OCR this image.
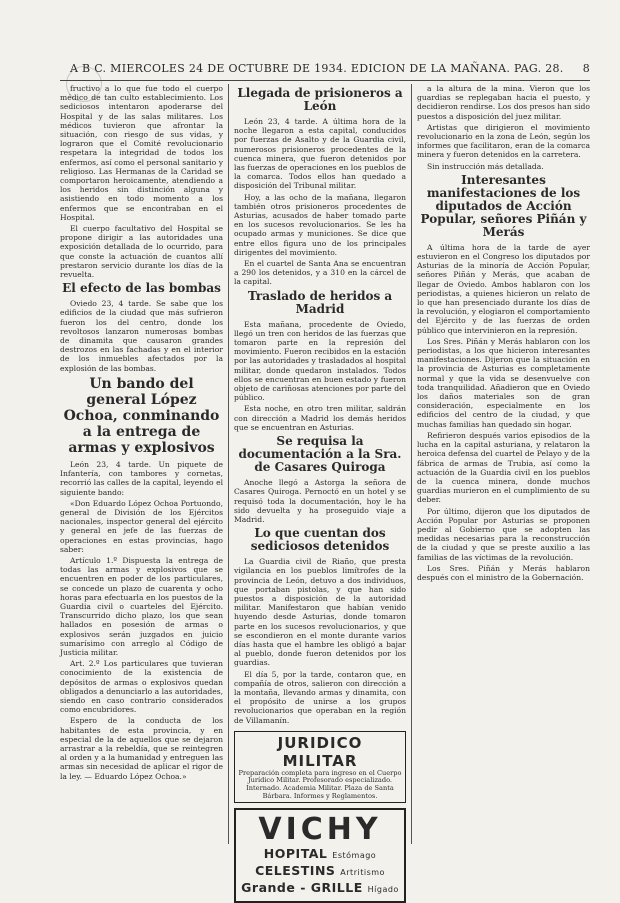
A B C. MIERCOLES 24 DE OCTUBRE DE 1934. EDICION DE LA MAÑANA. PAG. 28. 8

fructivo a lo que fue todo el cuerpo médico de tan culto establecimiento. Los sediciosos intentaron apoderarse del Hospital y de las salas militares. Los médicos tuvieron que afrontar la situación, con riesgo de sus vidas, y lograron que el Comité revolucionario respetara la integridad de todos los enfermos, así como el personal sanitario y religioso. Las Hermanas de la Caridad se comportaron heroicamente, atendiendo a los heridos sin distinción alguna y asistiendo en todo momento a los enfermos que se encontraban en el Hospital.

El cuerpo facultativo del Hospital se propone dirigir a las autoridades una exposición detallada de lo ocurrido, para que conste la actuación de cuantos allí prestaron servicio durante los días de la revuelta.

El efecto de las bombas

Oviedo 23, 4 tarde. Se sabe que los edificios de la ciudad que más sufrieron fueron los del centro, donde los revoltosos lanzaron numerosas bombas de dinamita que causaron grandes destrozos en las fachadas y en el interior de los inmuebles afectados por la explosión de las bombas.

Un bando del general López Ochoa, conminando a la entrega de armas y explosivos

León 23, 4 tarde. Un piquete de Infantería, con tambores y cornetas, recorrió las calles de la capital, leyendo el siguiente bando:

«Don Eduardo López Ochoa Portuondo, general de División de los Ejércitos nacionales, inspector general del ejército y general en jefe de las fuerzas de operaciones en estas provincias, hago saber:

Artículo 1.º Dispuesta la entrega de todas las armas y explosivos que se encuentren en poder de los particulares, se concede un plazo de cuarenta y ocho horas para efectuarla en los puestos de la Guardia civil o cuarteles del Ejército. Transcurrido dicho plazo, los que sean hallados en posesión de armas o explosivos serán juzgados en juicio sumarísimo con arreglo al Código de Justicia militar.

Art. 2.º Los particulares que tuvieran conocimiento de la existencia de depósitos de armas o explosivos quedan obligados a denunciarlo a las autoridades, siendo en caso contrario considerados como encubridores.

Espero de la conducta de los habitantes de esta provincia, y en especial de la de aquellos que se dejaron arrastrar a la rebeldía, que se reintegren al orden y a la humanidad y entreguen las armas sin necesidad de aplicar el rigor de la ley. — Eduardo López Ochoa.»

Llegada de prisioneros a León

León 23, 4 tarde. A última hora de la noche llegaron a esta capital, conducidos por fuerzas de Asalto y de la Guardia civil, numerosos prisioneros procedentes de la cuenca minera, que fueron detenidos por las fuerzas de operaciones en los pueblos de la comarca. Todos ellos han quedado a disposición del Tribunal militar.

Hoy, a las ocho de la mañana, llegaron también otros prisioneros procedentes de Asturias, acusados de haber tomado parte en los sucesos revolucionarios. Se les ha ocupado armas y municiones. Se dice que entre ellos figura uno de los principales dirigentes del movimiento.

En el cuartel de Santa Ana se encuentran a 290 los detenidos, y a 310 en la cárcel de la capital.

Traslado de heridos a Madrid

Esta mañana, procedente de Oviedo, llegó un tren con heridos de las fuerzas que tomaron parte en la represión del movimiento. Fueron recibidos en la estación por las autoridades y trasladados al hospital militar, donde quedaron instalados. Todos ellos se encuentran en buen estado y fueron objeto de cariñosas atenciones por parte del público.

Esta noche, en otro tren militar, saldrán con dirección a Madrid los demás heridos que se encuentran en Asturias.

Se requisa la documentación a la Sra. de Casares Quiroga

Anoche llegó a Astorga la señora de Casares Quiroga. Pernoctó en un hotel y se requisó toda la documentación, hoy le ha sido devuelta y ha proseguido viaje a Madrid.

Lo que cuentan dos sediciosos detenidos

La Guardia civil de Riaño, que presta vigilancia en los pueblos limítrofes de la provincia de León, detuvo a dos individuos, que portaban pistolas, y que han sido puestos a disposición de la autoridad militar. Manifestaron que habían venido huyendo desde Asturias, donde tomaron parte en los sucesos revolucionarios, y que se escondieron en el monte durante varios días hasta que el hambre les obligó a bajar al pueblo, donde fueron detenidos por los guardias.

El día 5, por la tarde, contaron que, en compañía de otros, salieron con dirección a la montaña, llevando armas y dinamita, con el propósito de unirse a los grupos revolucionarios que operaban en la región de Villamanín.

JURIDICO MILITAR
Preparación completa para ingreso en el Cuerpo Jurídico Militar. Profesorado especializado. Internado. Academia Militar. Plaza de Santa Bárbara. Informes y Reglamentos.
VICHY
HOPITAL Estómago
CELESTINS Artritismo
Grande - GRILLE Hígado

a la altura de la mina. Vieron que los guardias se replegaban hacia el puesto, y decidieron rendirse. Los dos presos han sido puestos a disposición del juez militar.

Artistas que dirigieron el movimiento revolucionario en la zona de León, según los informes que facilitaron, eran de la comarca minera y fueron detenidos en la carretera.

Sin instrucción más detallada.

Interesantes manifestaciones de los diputados de Acción Popular, señores Piñán y Merás

A última hora de la tarde de ayer estuvieron en el Congreso los diputados por Asturias de la minoría de Acción Popular, señores Piñán y Merás, que acaban de llegar de Oviedo. Ambos hablaron con los periodistas, a quienes hicieron un relato de lo que han presenciado durante los días de la revolución, y elogiaron el comportamiento del Ejército y de las fuerzas de orden público que intervinieron en la represión.

Los Sres. Piñán y Merás hablaron con los periodistas, a los que hicieron interesantes manifestaciones. Dijeron que la situación en la provincia de Asturias es completamente normal y que la vida se desenvuelve con toda tranquilidad. Añadieron que en Oviedo los daños materiales son de gran consideración, especialmente en los edificios del centro de la ciudad, y que muchas familias han quedado sin hogar.

Refirieron después varios episodios de la lucha en la capital asturiana, y relataron la heroica defensa del cuartel de Pelayo y de la fábrica de armas de Trubia, así como la actuación de la Guardia civil en los pueblos de la cuenca minera, donde muchos guardias murieron en el cumplimiento de su deber.

Por último, dijeron que los diputados de Acción Popular por Asturias se proponen pedir al Gobierno que se adopten las medidas necesarias para la reconstrucción de la ciudad y que se preste auxilio a las familias de las víctimas de la revolución.

Los Sres. Piñán y Merás hablaron después con el ministro de la Gobernación.
